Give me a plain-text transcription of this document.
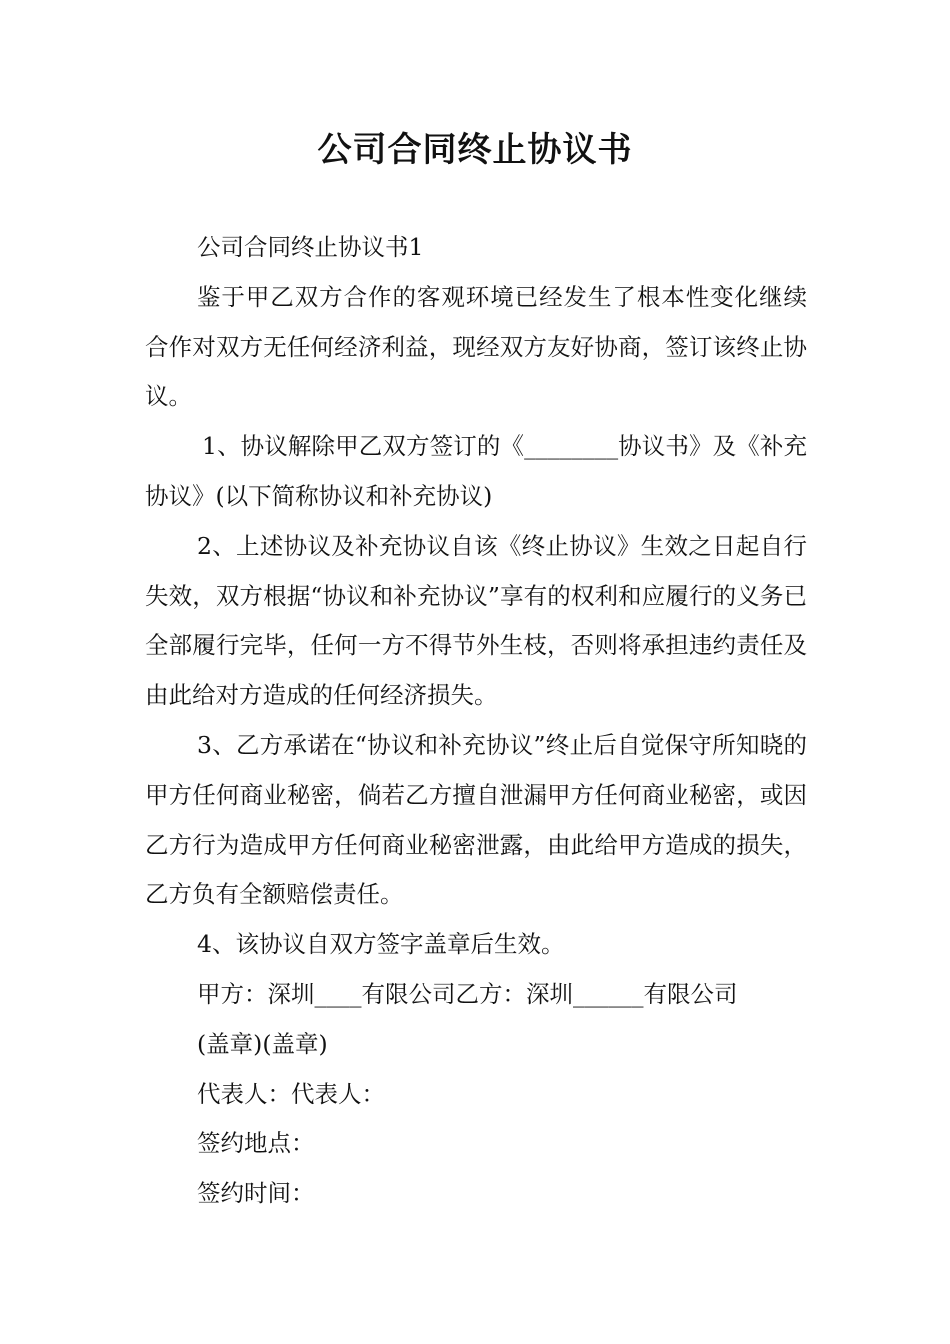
公司合同终止协议书

公司合同终止协议书1

鉴于甲乙双方合作的客观环境已经发生了根本性变化继续合作对双方无任何经济利益，现经双方友好协商，签订该终止协议。

1、协议解除甲乙双方签订的《________协议书》及《补充协议》(以下简称协议和补充协议)

2、上述协议及补充协议自该《终止协议》生效之日起自行失效，双方根据“协议和补充协议”享有的权利和应履行的义务已全部履行完毕，任何一方不得节外生枝，否则将承担违约责任及由此给对方造成的任何经济损失。

3、乙方承诺在“协议和补充协议”终止后自觉保守所知晓的甲方任何商业秘密，倘若乙方擅自泄漏甲方任何商业秘密，或因乙方行为造成甲方任何商业秘密泄露，由此给甲方造成的损失，乙方负有全额赔偿责任。

4、该协议自双方签字盖章后生效。

甲方：深圳____有限公司乙方：深圳______有限公司

(盖章)(盖章)

代表人：代表人：

签约地点：

签约时间：
